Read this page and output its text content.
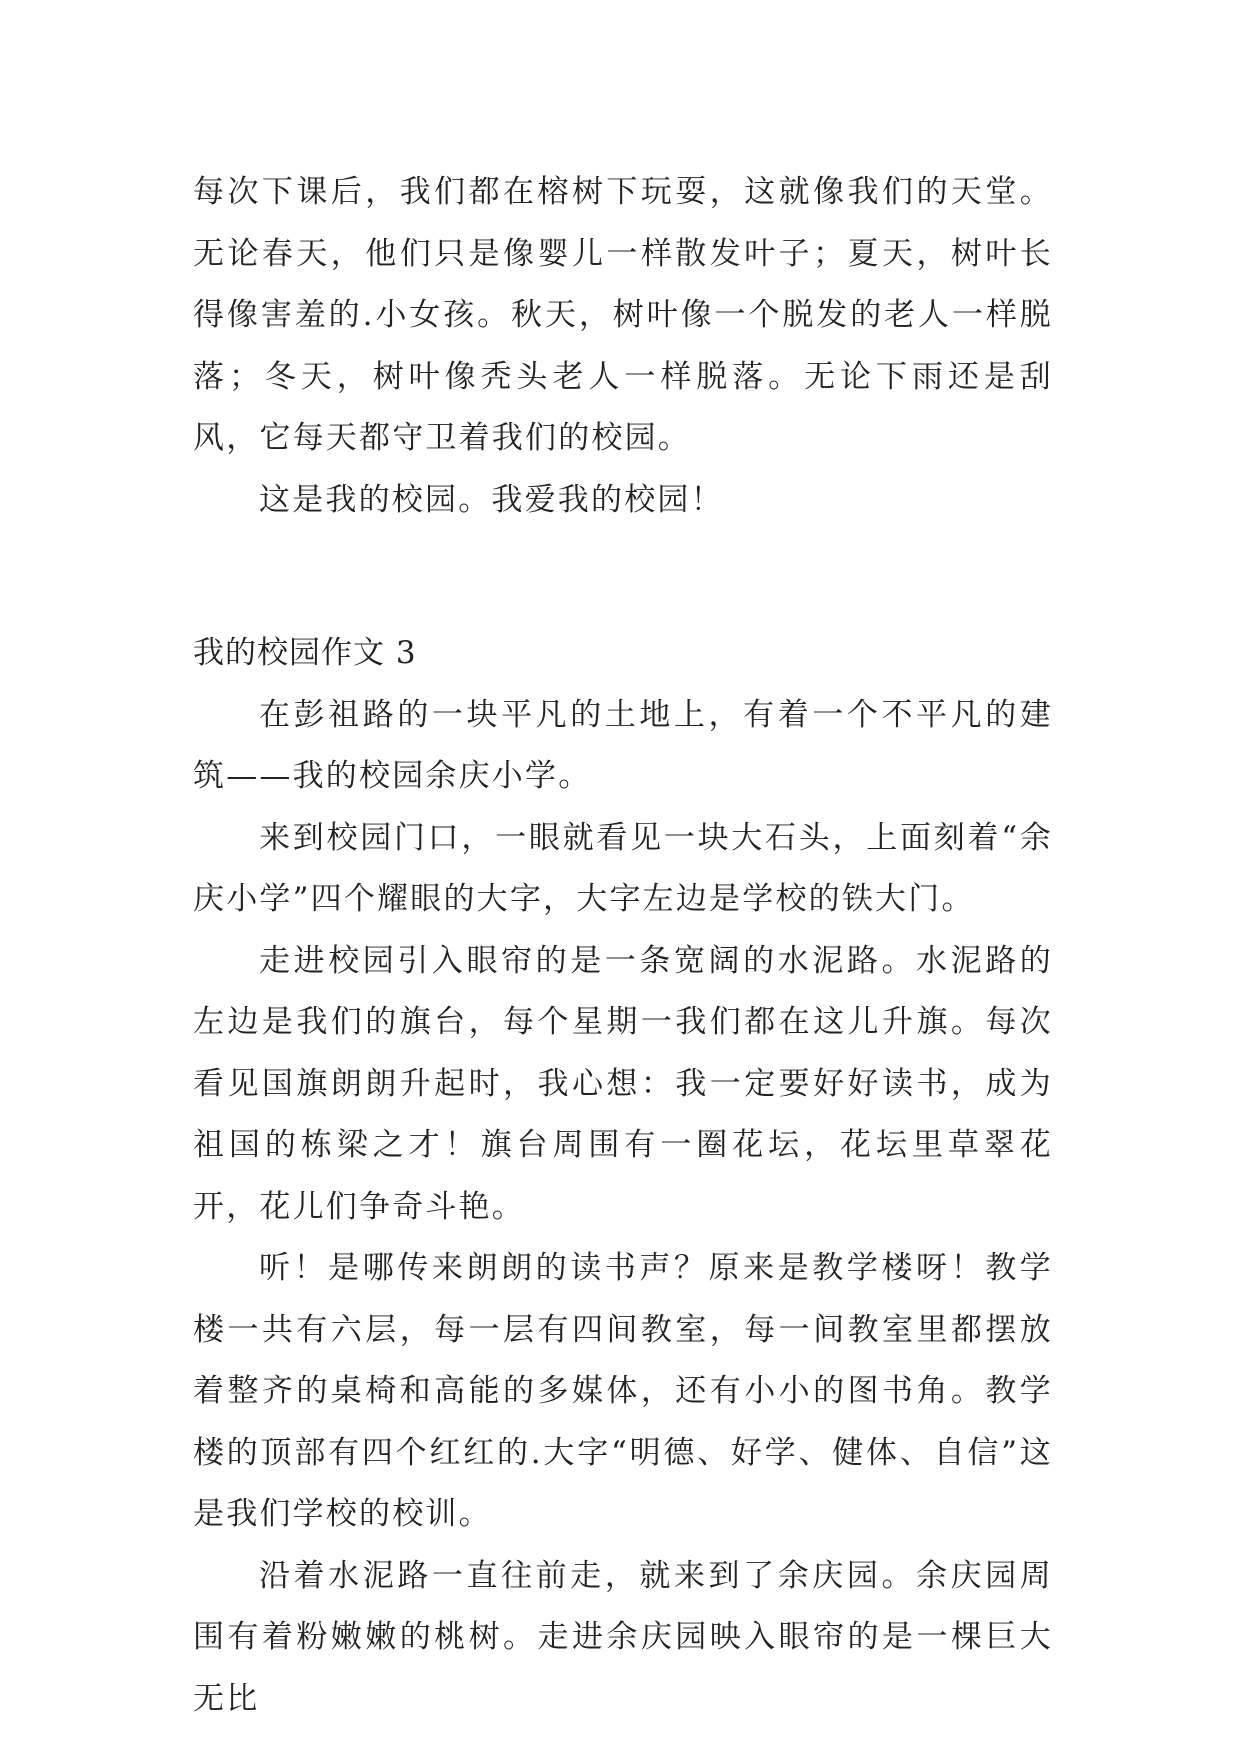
每次下课后，我们都在榕树下玩耍，这就像我们的天堂。无论春天，他们只是像婴儿一样散发叶子；夏天，树叶长得像害羞的.小女孩。秋天，树叶像一个脱发的老人一样脱落；冬天，树叶像秃头老人一样脱落。无论下雨还是刮风，它每天都守卫着我们的校园。

这是我的校园。我爱我的校园！

我的校园作文 3

在彭祖路的一块平凡的土地上，有着一个不平凡的建筑——我的校园余庆小学。

来到校园门口，一眼就看见一块大石头，上面刻着“余庆小学”四个耀眼的大字，大字左边是学校的铁大门。

走进校园引入眼帘的是一条宽阔的水泥路。水泥路的左边是我们的旗台，每个星期一我们都在这儿升旗。每次看见国旗朗朗升起时，我心想：我一定要好好读书，成为祖国的栋梁之才！旗台周围有一圈花坛，花坛里草翠花开，花儿们争奇斗艳。

听！是哪传来朗朗的读书声？原来是教学楼呀！教学楼一共有六层，每一层有四间教室，每一间教室里都摆放着整齐的桌椅和高能的多媒体，还有小小的图书角。教学楼的顶部有四个红红的.大字“明德、好学、健体、自信”这是我们学校的校训。

沿着水泥路一直往前走，就来到了余庆园。余庆园周围有着粉嫩嫩的桃树。走进余庆园映入眼帘的是一棵巨大无比
